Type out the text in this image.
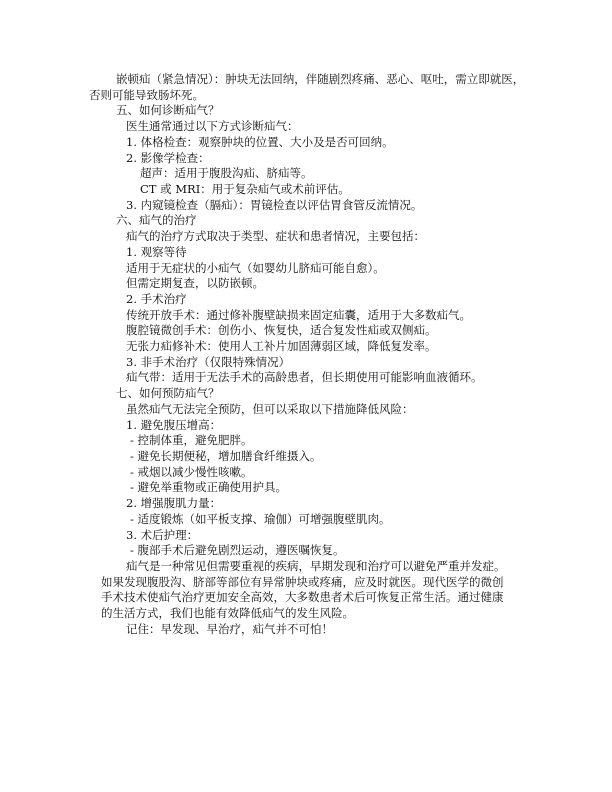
嵌顿疝（紧急情况）：肿块无法回纳，伴随剧烈疼痛、恶心、呕吐，需立即就医，
否则可能导致肠坏死。
五、如何诊断疝气？
医生通常通过以下方式诊断疝气：
1. 体格检查：观察肿块的位置、大小及是否可回纳。
2. 影像学检查：
超声：适用于腹股沟疝、脐疝等。
CT 或 MRI：用于复杂疝气或术前评估。
3. 内窥镜检查（膈疝）：胃镜检查以评估胃食管反流情况。
六、疝气的治疗
疝气的治疗方式取决于类型、症状和患者情况，主要包括：
1. 观察等待
适用于无症状的小疝气（如婴幼儿脐疝可能自愈）。
但需定期复查，以防嵌顿。
2. 手术治疗
传统开放手术：通过修补腹壁缺损来固定疝囊，适用于大多数疝气。
腹腔镜微创手术：创伤小、恢复快，适合复发性疝或双侧疝。
无张力疝修补术：使用人工补片加固薄弱区域，降低复发率。
3. 非手术治疗（仅限特殊情况）
疝气带：适用于无法手术的高龄患者，但长期使用可能影响血液循环。
七、如何预防疝气？
虽然疝气无法完全预防，但可以采取以下措施降低风险：
1. 避免腹压增高：
- 控制体重，避免肥胖。
- 避免长期便秘，增加膳食纤维摄入。
- 戒烟以减少慢性咳嗽。
- 避免举重物或正确使用护具。
2. 增强腹肌力量：
- 适度锻炼（如平板支撑、瑜伽）可增强腹壁肌肉。
3. 术后护理：
- 腹部手术后避免剧烈运动，遵医嘱恢复。
疝气是一种常见但需要重视的疾病，早期发现和治疗可以避免严重并发症。
如果发现腹股沟、脐部等部位有异常肿块或疼痛，应及时就医。现代医学的微创
手术技术使疝气治疗更加安全高效，大多数患者术后可恢复正常生活。通过健康
的生活方式，我们也能有效降低疝气的发生风险。
记住：早发现、早治疗，疝气并不可怕！
